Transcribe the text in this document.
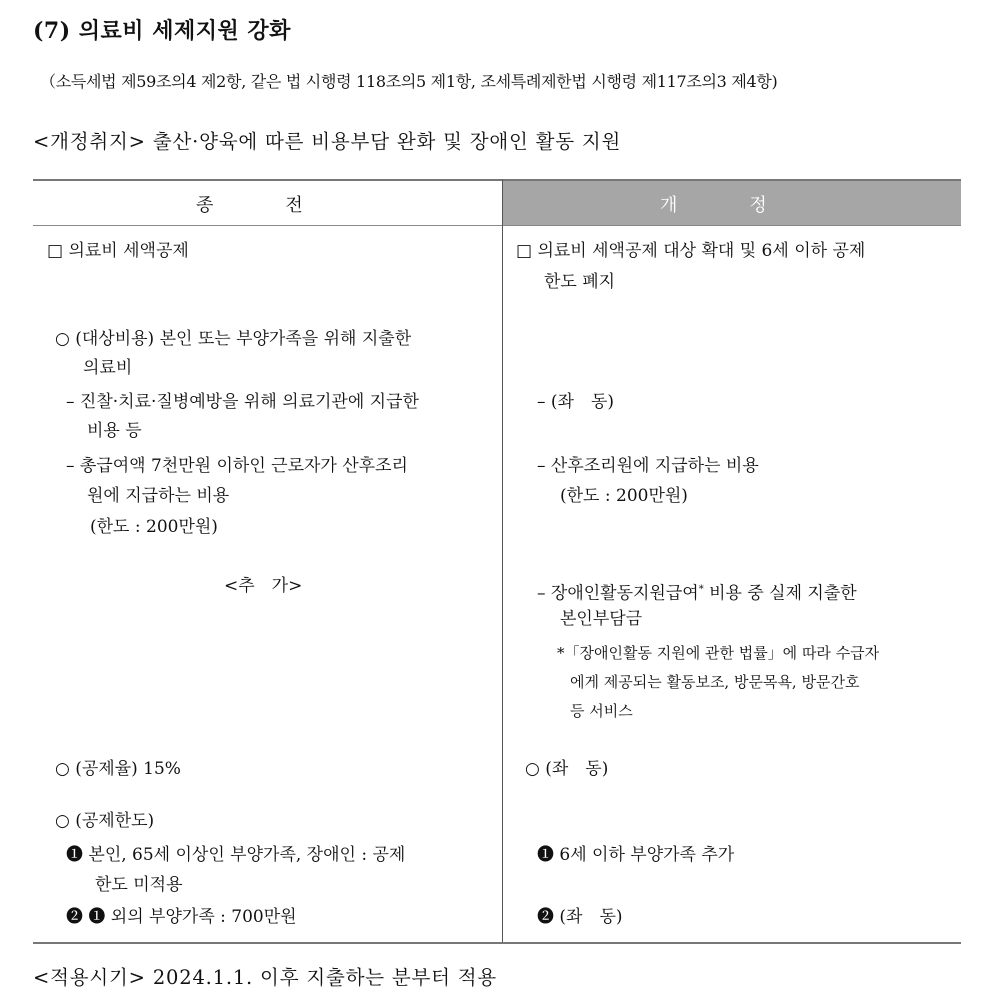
(7) 의료비 세제지원 강화
（소득세법 제59조의4 제2항, 같은 법 시행령 118조의5 제1항, 조세특례제한법 시행령 제117조의3 제4항)
<개정취지> 출산·양육에 따른 비용부담 완화 및 장애인 활동 지원
종　　　　전	개　　　　정
□ 의료비 세액공제
○ (대상비용) 본인 또는 부양가족을 위해 지출한
의료비
– 진찰·치료·질병예방을 위해 의료기관에 지급한
비용 등
– 총급여액 7천만원 이하인 근로자가 산후조리
원에 지급하는 비용
(한도 : 200만원)
<추　가>
○ (공제율) 15%
○ (공제한도)
❶ 본인, 65세 이상인 부양가족, 장애인 : 공제
한도 미적용
❷ ❶ 외의 부양가족 : 700만원
□ 의료비 세액공제 대상 확대 및 6세 이하 공제
한도 폐지
– (좌　동)
– 산후조리원에 지급하는 비용
(한도 : 200만원)
– 장애인활동지원급여* 비용 중 실제 지출한
본인부담금
*「장애인활동 지원에 관한 법률」에 따라 수급자
에게 제공되는 활동보조, 방문목욕, 방문간호
등 서비스
○ (좌　동)
❶ 6세 이하 부양가족 추가
❷ (좌　동)
<적용시기> 2024.1.1. 이후 지출하는 분부터 적용
